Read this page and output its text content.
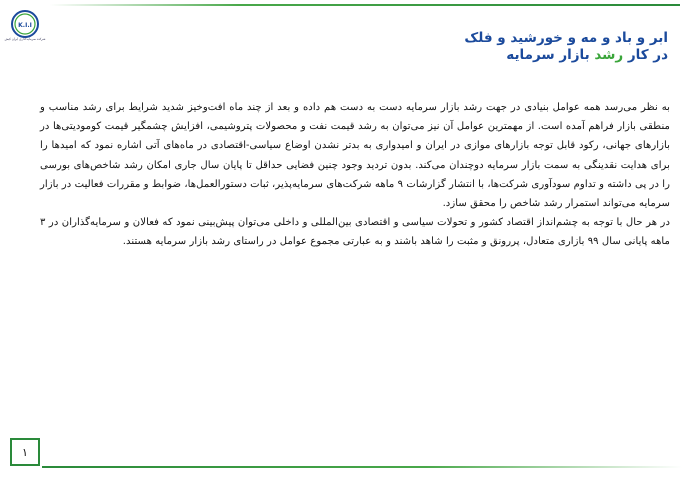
K.I.I
شرکت سرمایه‌گذاری ایران کیش	ابر و باد و مه و خورشید و فلک
در کار رشد بازار سرمایه

به نظر می‌رسد همه عوامل بنیادی در جهت رشد بازار سرمایه دست به دست هم داده و بعد از چند ماه افت‌وخیز شدید شرایط برای رشد مناسب و منطقی بازار فراهم آمده است. از مهمترین عوامل آن نیز می‌توان به رشد قیمت نفت و محصولات پتروشیمی، افزایش چشمگیر قیمت کومودیتی‌ها در بازارهای جهانی، رکود قابل توجه بازارهای موازی در ایران و امیدواری به بدتر نشدن اوضاع سیاسی-اقتصادی در ماه‌های آتی اشاره نمود که امیدها را برای هدایت نقدینگی به سمت بازار سرمایه دوچندان می‌کند. بدون تردید وجود چنین فضایی حداقل تا پایان سال جاری امکان رشد شاخص‌های بورسی را در پی داشته و تداوم سودآوری شرکت‌ها، با انتشار گزارشات ۹ ماهه شرکت‌های سرمایه‌پذیر، ثبات دستورالعمل‌ها، ضوابط و مقررات فعالیت در بازار سرمایه می‌تواند استمرار رشد شاخص را محقق سازد.

در هر حال با توجه به چشم‌انداز اقتصاد کشور و تحولات سیاسی و اقتصادی بین‌المللی و داخلی می‌توان پیش‌بینی نمود که فعالان و سرمایه‌گذاران در ۳ ماهه پایانی سال ۹۹ بازاری متعادل، پررونق و مثبت را شاهد باشند و به عبارتی مجموع عوامل در راستای رشد بازار سرمایه هستند.

۱
